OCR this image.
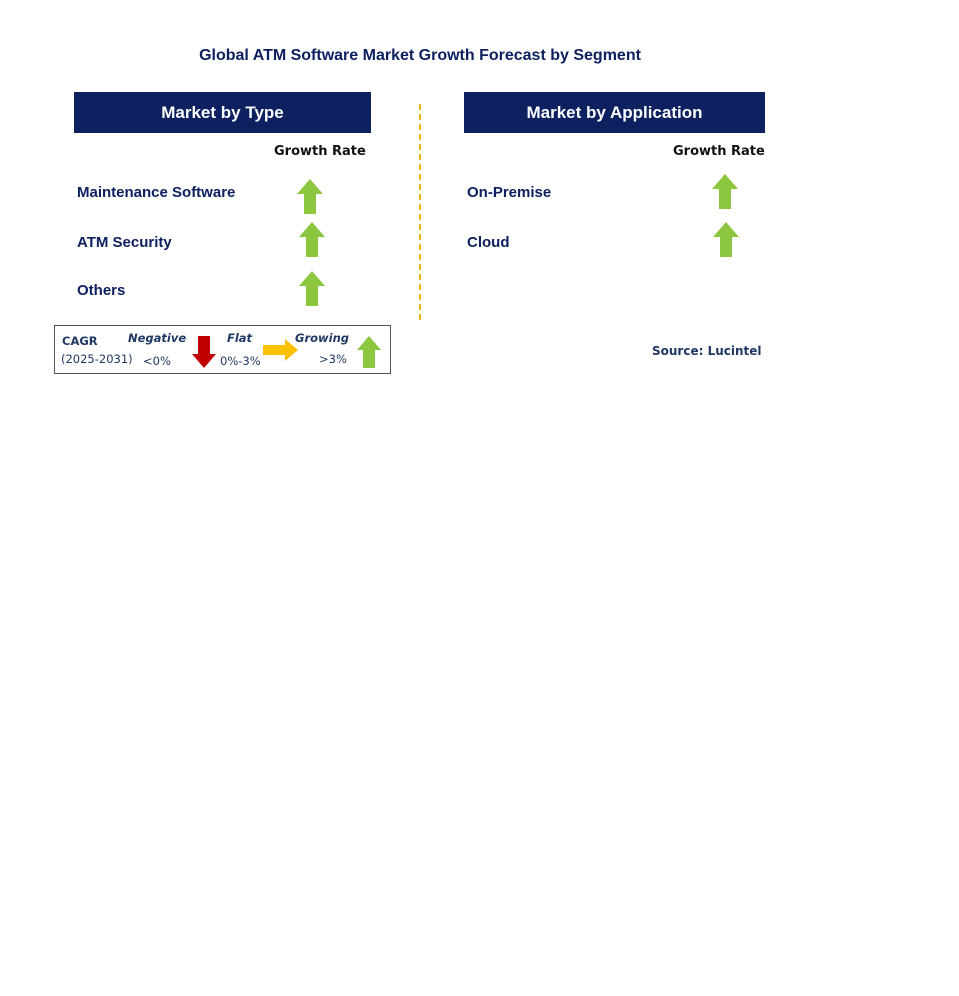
Global ATM Software Market Growth Forecast by Segment
Market by Type
Growth Rate
Maintenance Software
ATM Security
Others
Market by Application
Growth Rate
On-Premise
Cloud
CAGR
(2025-2031)
Negative
<0%
Flat
0%-3%
Growing
>3%
Source: Lucintel
